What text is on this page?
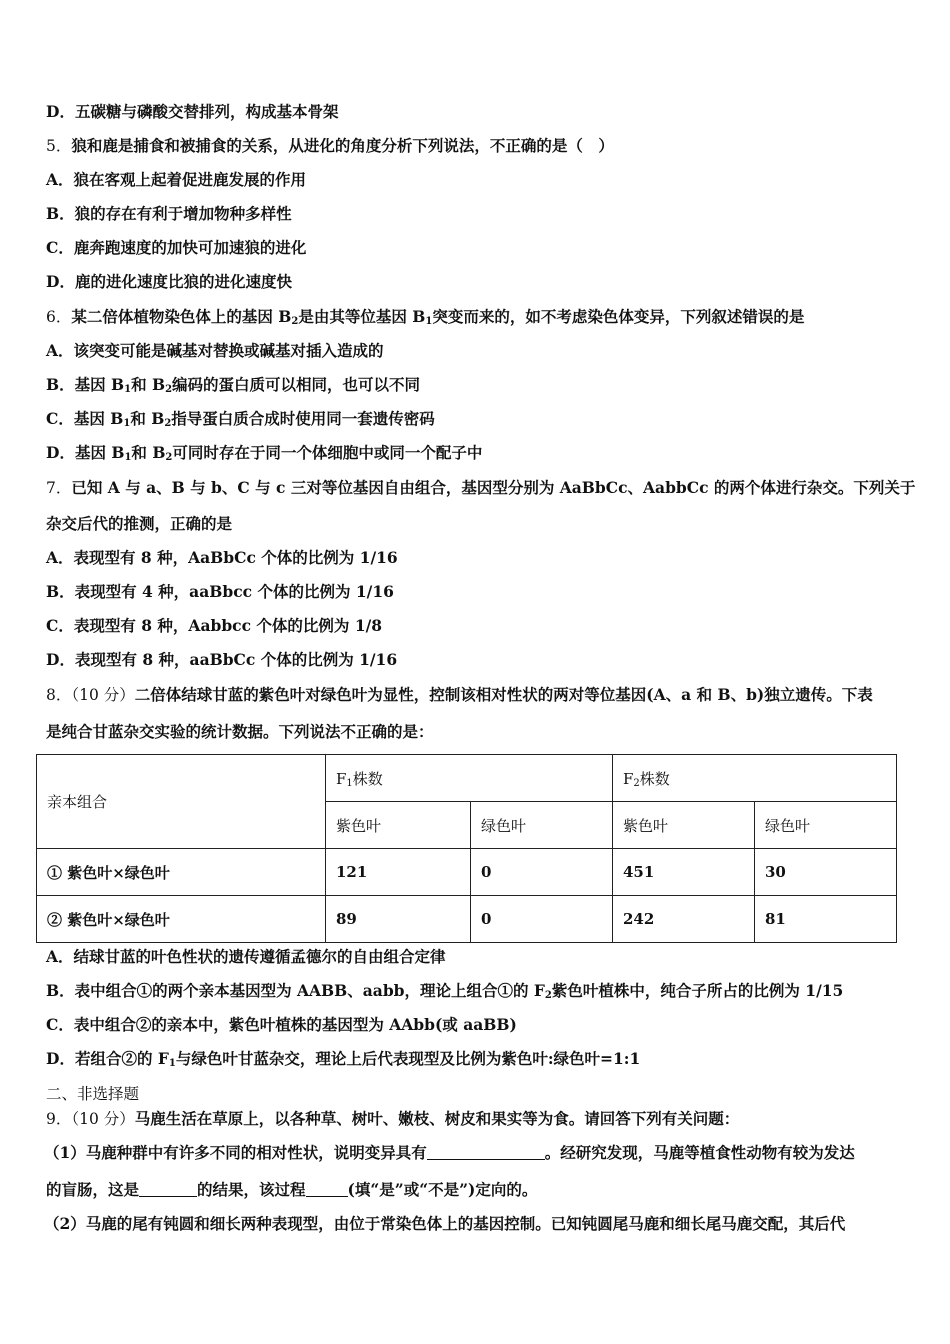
D．五碳糖与磷酸交替排列，构成基本骨架
5．狼和鹿是捕食和被捕食的关系，从进化的角度分析下列说法，不正确的是（　）
A．狼在客观上起着促进鹿发展的作用
B．狼的存在有利于增加物种多样性
C．鹿奔跑速度的加快可加速狼的进化
D．鹿的进化速度比狼的进化速度快
6．某二倍体植物染色体上的基因 $B_2$是由其等位基因 $B_1$突变而来的，如不考虑染色体变异，下列叙述错误的是
A．该突变可能是碱基对替换或碱基对插入造成的
B．基因 $B_1$和 $B_2$编码的蛋白质可以相同，也可以不同
C．基因 $B_1$和 $B_2$指导蛋白质合成时使用同一套遗传密码
D．基因 $B_1$和 $B_2$可同时存在于同一个体细胞中或同一个配子中
7．已知 A 与 a、B 与 b、C 与 c 三对等位基因自由组合，基因型分别为 AaBbCc、AabbCc 的两个体进行杂交。下列关于
杂交后代的推测，正确的是
A．表现型有 8 种，AaBbCc 个体的比例为 1/16
B．表现型有 4 种，aaBbcc 个体的比例为 1/16
C．表现型有 8 种，Aabbcc 个体的比例为 1/8
D．表现型有 8 种，aaBbCc 个体的比例为 1/16
8．（10 分）二倍体结球甘蓝的紫色叶对绿色叶为显性，控制该相对性状的两对等位基因(A、a 和 B、b)独立遗传。下表
是纯合甘蓝杂交实验的统计数据。下列说法不正确的是：
亲本组合	$F_1$株数		$F_2$株数	
	紫色叶	绿色叶	紫色叶	绿色叶
① 紫色叶×绿色叶	121	0	451	30
② 紫色叶×绿色叶	89	0	242	81
A．结球甘蓝的叶色性状的遗传遵循孟德尔的自由组合定律
B．表中组合①的两个亲本基因型为 AABB、aabb，理论上组合①的 $F_2$紫色叶植株中，纯合子所占的比例为 1/15
C．表中组合②的亲本中，紫色叶植株的基因型为 AAbb(或 aaBB)
D．若组合②的 $F_1$与绿色叶甘蓝杂交，理论上后代表现型及比例为紫色叶:绿色叶=1:1
二、非选择题
9．（10 分）马鹿生活在草原上，以各种草、树叶、嫩枝、树皮和果实等为食。请回答下列有关问题：
（1）马鹿种群中有许多不同的相对性状，说明变异具有	。经研究发现，马鹿等植食性动物有较为发达
的盲肠，这是	的结果，该过程	(填“是”或“不是”)定向的。
（2）马鹿的尾有钝圆和细长两种表现型，由位于常染色体上的基因控制。已知钝圆尾马鹿和细长尾马鹿交配，其后代
